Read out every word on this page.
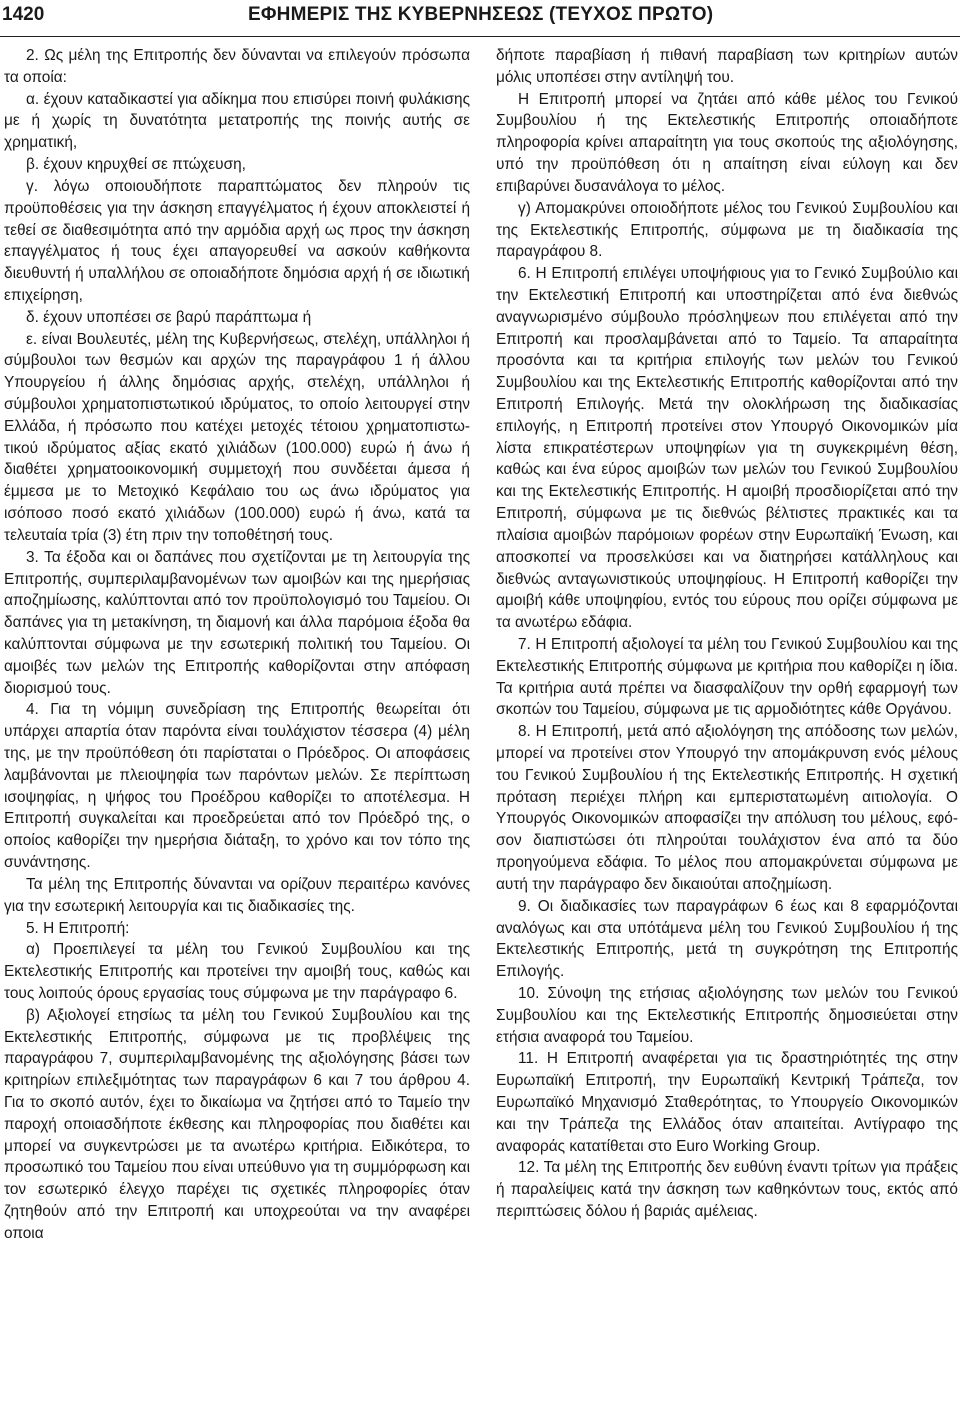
1420	ΕΦΗΜΕΡΙΣ ΤΗΣ ΚΥΒΕΡΝΗΣΕΩΣ (ΤΕΥΧΟΣ ΠΡΩΤΟ)

2. Ως μέλη της Επιτροπής δεν δύνανται να επιλεγούν πρόσωπα τα οποία:

α. έχουν καταδικαστεί για αδίκημα που επισύρει ποινή φυλάκισης με ή χωρίς τη δυνατότητα μετατροπής της ποινής αυτής σε χρηματική,

β. έχουν κηρυχθεί σε πτώχευση,

γ. λόγω οποιουδήποτε παραπτώματος δεν πληρούν τις προϋποθέσεις για την άσκηση επαγγέλματος ή έχουν αποκλειστεί ή τεθεί σε διαθεσιμότητα από την αρμόδια αρχή ως προς την άσκηση επαγγέλματος ή τους έχει απαγορευθεί να ασκούν καθήκοντα διευθυντή ή υπαλλήλου σε οποιαδήποτε δημόσια αρχή ή σε ιδιωτική επιχείρηση,

δ. έχουν υποπέσει σε βαρύ παράπτωμα ή

ε. είναι Βουλευτές, μέλη της Κυβερνήσεως, στελέχη, υπάλληλοι ή σύμβουλοι των θεσμών και αρχών της παραγράφου 1 ή άλλου Υπουργείου ή άλλης δημόσιας αρχής, στελέχη, υπάλληλοι ή σύμβουλοι χρηματοπιστωτικού ιδρύματος, το οποίο λειτουργεί στην Ελλάδα, ή πρόσωπο που κατέχει μετοχές τέτοιου χρηματοπιστωτικού ιδρύματος αξίας εκατό χιλιάδων (100.000) ευρώ ή άνω ή διαθέτει χρηματοοικονομική συμμετοχή που συνδέεται άμεσα ή έμμεσα με το Μετοχικό Κεφάλαιο του ως άνω ιδρύματος για ισόποσο ποσό εκατό χιλιάδων (100.000) ευρώ ή άνω, κατά τα τελευταία τρία (3) έτη πριν την τοποθέτησή τους.

3. Τα έξοδα και οι δαπάνες που σχετίζονται με τη λειτουργία της Επιτροπής, συμπεριλαμβανομένων των αμοιβών και της ημερήσιας αποζημίωσης, καλύπτονται από τον προϋπολογισμό του Ταμείου. Οι δαπάνες για τη μετακίνηση, τη διαμονή και άλλα παρόμοια έξοδα θα καλύπτονται σύμφωνα με την εσωτερική πολιτική του Ταμείου. Οι αμοιβές των μελών της Επιτροπής καθορίζονται στην απόφαση διορισμού τους.

4. Για τη νόμιμη συνεδρίαση της Επιτροπής θεωρείται ότι υπάρχει απαρτία όταν παρόντα είναι τουλάχιστον τέσσερα (4) μέλη της, με την προϋπόθεση ότι παρίσταται ο Πρόεδρος. Οι αποφάσεις λαμβάνονται με πλειοψηφία των παρόντων μελών. Σε περίπτωση ισοψηφίας, η ψήφος του Προέδρου καθορίζει το αποτέλεσμα. Η Επιτροπή συγκαλείται και προεδρεύεται από τον Πρόεδρό της, ο οποίος καθορίζει την ημερήσια διάταξη, το χρόνο και τον τόπο της συνάντησης.

Τα μέλη της Επιτροπής δύνανται να ορίζουν περαιτέρω κανόνες για την εσωτερική λειτουργία και τις διαδικασίες της.

5. Η Επιτροπή:

α) Προεπιλεγεί τα μέλη του Γενικού Συμβουλίου και της Εκτελεστικής Επιτροπής και προτείνει την αμοιβή τους, καθώς και τους λοιπούς όρους εργασίας τους σύμφωνα με την παράγραφο 6.

β) Αξιολογεί ετησίως τα μέλη του Γενικού Συμβουλίου και της Εκτελεστικής Επιτροπής, σύμφωνα με τις προβλέψεις της παραγράφου 7, συμπεριλαμβανομένης της αξιολόγησης βάσει των κριτηρίων επιλεξιμότητας των παραγράφων 6 και 7 του άρθρου 4. Για το σκοπό αυτόν, έχει το δικαίωμα να ζητήσει από το Ταμείο την παροχή οποιασδήποτε έκθεσης και πληροφορίας που διαθέτει και μπορεί να συγκεντρώσει με τα ανωτέρω κριτήρια. Ειδικότερα, το προσωπικό του Ταμείου που είναι υπεύθυνο για τη συμμόρφωση και τον εσωτερικό έλεγχο παρέχει τις σχετικές πληροφορίες όταν ζητηθούν από την Επιτροπή και υποχρεούται να την αναφέρει οποια

δήποτε παραβίαση ή πιθανή παραβίαση των κριτηρίων αυτών μόλις υποπέσει στην αντίληψή του.

Η Επιτροπή μπορεί να ζητάει από κάθε μέλος του Γενικού Συμβουλίου ή της Εκτελεστικής Επιτροπής οποιαδήποτε πληροφορία κρίνει απαραίτητη για τους σκοπούς της αξιολόγησης, υπό την προϋπόθεση ότι η απαίτηση είναι εύλογη και δεν επιβαρύνει δυσανάλογα το μέλος.

γ) Απομακρύνει οποιοδήποτε μέλος του Γενικού Συμβουλίου και της Εκτελεστικής Επιτροπής, σύμφωνα με τη διαδικασία της παραγράφου 8.

6. Η Επιτροπή επιλέγει υποψήφιους για το Γενικό Συμβούλιο και την Εκτελεστική Επιτροπή και υποστηρίζεται από ένα διεθνώς αναγνωρισμένο σύμβουλο πρόσληψεων που επιλέγεται από την Επιτροπή και προσλαμβάνεται από το Ταμείο. Τα απαραίτητα προσόντα και τα κριτήρια επιλογής των μελών του Γενικού Συμβουλίου και της Εκτελεστικής Επιτροπής καθορίζονται από την Επιτροπή Επιλογής. Μετά την ολοκλήρωση της διαδικασίας επιλογής, η Επιτροπή προτείνει στον Υπουργό Οικονομικών μία λίστα επικρατέστερων υποψηφίων για τη συγκεκριμένη θέση, καθώς και ένα εύρος αμοιβών των μελών του Γενικού Συμβουλίου και της Εκτελεστικής Επιτροπής. Η αμοιβή προσδιορίζεται από την Επιτροπή, σύμφωνα με τις διεθνώς βέλτιστες πρακτικές και τα πλαίσια αμοιβών παρόμοιων φορέων στην Ευρωπαϊκή Ένωση, και αποσκοπεί να προσελκύσει και να διατηρήσει κατάλληλους και διεθνώς ανταγωνιστικούς υποψηφίους. Η Επιτροπή καθορίζει την αμοιβή κάθε υποψηφίου, εντός του εύρους που ορίζει σύμφωνα με τα ανωτέρω εδάφια.

7. Η Επιτροπή αξιολογεί τα μέλη του Γενικού Συμβουλίου και της Εκτελεστικής Επιτροπής σύμφωνα με κριτήρια που καθορίζει η ίδια. Τα κριτήρια αυτά πρέπει να διασφαλίζουν την ορθή εφαρμογή των σκοπών του Ταμείου, σύμφωνα με τις αρμοδιότητες κάθε Οργάνου.

8. Η Επιτροπή, μετά από αξιολόγηση της απόδοσης των μελών, μπορεί να προτείνει στον Υπουργό την απομάκρυνση ενός μέλους του Γενικού Συμβουλίου ή της Εκτελεστικής Επιτροπής. Η σχετική πρόταση περιέχει πλήρη και εμπεριστατωμένη αιτιολογία. Ο Υπουργός Οικονομικών αποφασίζει την απόλυση του μέλους, εφόσον διαπιστώσει ότι πληρούται τουλάχιστον ένα από τα δύο προηγούμενα εδάφια. Το μέλος που απομακρύνεται σύμφωνα με αυτή την παράγραφο δεν δικαιούται αποζημίωση.

9. Οι διαδικασίες των παραγράφων 6 έως και 8 εφαρμόζονται αναλόγως και στα υπότάμενα μέλη του Γενικού Συμβουλίου ή της Εκτελεστικής Επιτροπής, μετά τη συγκρότηση της Επιτροπής Επιλογής.

10. Σύνοψη της ετήσιας αξιολόγησης των μελών του Γενικού Συμβουλίου και της Εκτελεστικής Επιτροπής δημοσιεύεται στην ετήσια αναφορά του Ταμείου.

11. Η Επιτροπή αναφέρεται για τις δραστηριότητές της στην Ευρωπαϊκή Επιτροπή, την Ευρωπαϊκή Κεντρική Τράπεζα, τον Ευρωπαϊκό Μηχανισμό Σταθερότητας, το Υπουργείο Οικονομικών και την Τράπεζα της Ελλάδος όταν απαιτείται. Αντίγραφο της αναφοράς κατατίθεται στο Euro Working Group.

12. Τα μέλη της Επιτροπής δεν ευθύνη έναντι τρίτων για πράξεις ή παραλείψεις κατά την άσκηση των καθηκόντων τους, εκτός από περιπτώσεις δόλου ή βαριάς αμέλειας.
